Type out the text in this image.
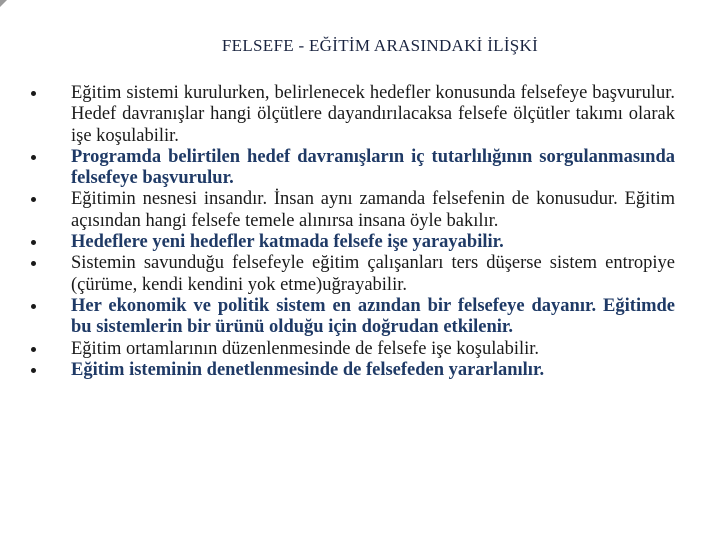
FELSEFE - EĞİTİM ARASINDAKİ İLİŞKİ
Eğitim sistemi kurulurken, belirlenecek hedefler konusunda felsefeye başvurulur. Hedef davranışlar hangi ölçütlere dayandırılacaksa felsefe ölçütler takımı olarak işe koşulabilir.
Programda belirtilen hedef davranışların iç tutarlılığının sorgulanmasında felsefeye başvurulur.
Eğitimin nesnesi insandır. İnsan aynı zamanda felsefenin de konusudur. Eğitim açısından hangi felsefe temele alınırsa insana öyle bakılır.
Hedeflere yeni hedefler katmada felsefe işe yarayabilir.
Sistemin savunduğu felsefeyle eğitim çalışanları ters düşerse sistem entropiye (çürüme, kendi kendini yok etme)uğrayabilir.
Her ekonomik ve politik sistem en azından bir felsefeye dayanır. Eğitimde bu sistemlerin bir ürünü olduğu için doğrudan etkilenir.
Eğitim ortamlarının düzenlenmesinde de felsefe işe koşulabilir.
Eğitim isteminin denetlenmesinde de felsefeden yararlanılır.
